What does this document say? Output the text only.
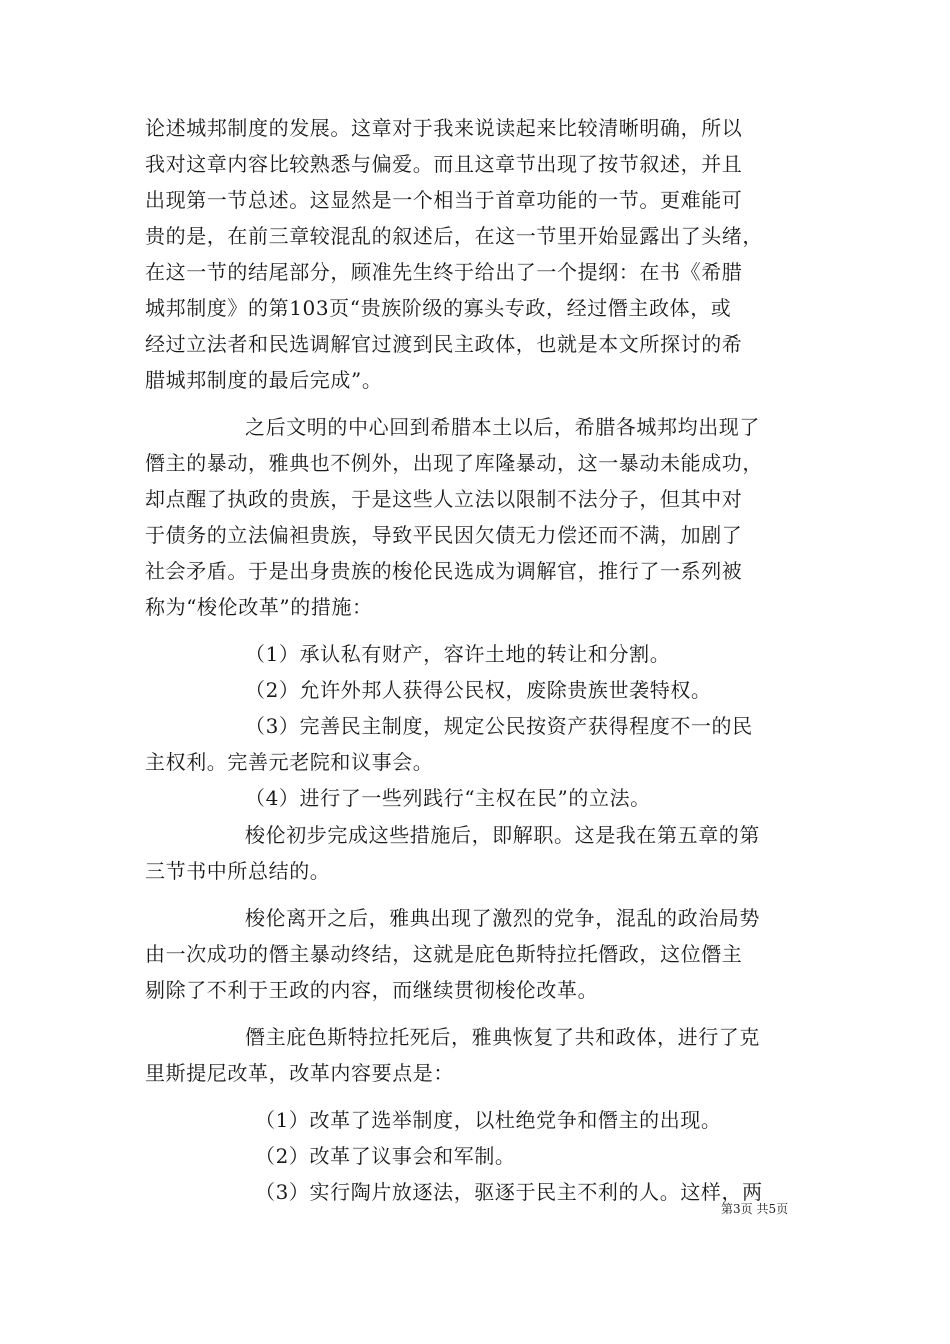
论述城邦制度的发展。这章对于我来说读起来比较清晰明确，所以
我对这章内容比较熟悉与偏爱。而且这章节出现了按节叙述，并且
出现第一节总述。这显然是一个相当于首章功能的一节。更难能可
贵的是，在前三章较混乱的叙述后，在这一节里开始显露出了头绪，
在这一节的结尾部分，顾准先生终于给出了一个提纲：在书《希腊
城邦制度》的第103页“贵族阶级的寡头专政，经过僭主政体，或
经过立法者和民选调解官过渡到民主政体，也就是本文所探讨的希
腊城邦制度的最后完成”。
之后文明的中心回到希腊本土以后，希腊各城邦均出现了
僭主的暴动，雅典也不例外，出现了库隆暴动，这一暴动未能成功，
却点醒了执政的贵族，于是这些人立法以限制不法分子，但其中对
于债务的立法偏袒贵族，导致平民因欠债无力偿还而不满，加剧了
社会矛盾。于是出身贵族的梭伦民选成为调解官，推行了一系列被
称为“梭伦改革”的措施：
（1）承认私有财产，容许土地的转让和分割。
（2）允许外邦人获得公民权，废除贵族世袭特权。
（3）完善民主制度，规定公民按资产获得程度不一的民
主权利。完善元老院和议事会。
（4）进行了一些列践行“主权在民”的立法。
梭伦初步完成这些措施后，即解职。这是我在第五章的第
三节书中所总结的。
梭伦离开之后，雅典出现了激烈的党争，混乱的政治局势
由一次成功的僭主暴动终结，这就是庇色斯特拉托僭政，这位僭主
剔除了不利于王政的内容，而继续贯彻梭伦改革。
僭主庇色斯特拉托死后，雅典恢复了共和政体，进行了克
里斯提尼改革，改革内容要点是：
（1）改革了选举制度，以杜绝党争和僭主的出现。
（2）改革了议事会和军制。
（3）实行陶片放逐法，驱逐于民主不利的人。这样，两
第3页 共5页
